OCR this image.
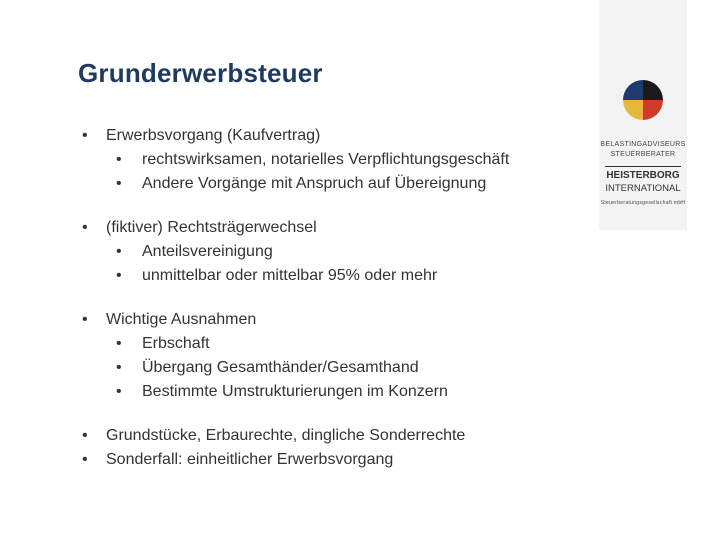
Grunderwerbsteuer
• Erwerbsvorgang (Kaufvertrag)
• rechtswirksamen, notarielles Verpflichtungsgeschäft
• Andere Vorgänge mit Anspruch auf Übereignung
• (fiktiver) Rechtsträgerwechsel
• Anteilsvereinigung
• unmittelbar oder mittelbar 95% oder mehr
• Wichtige Ausnahmen
• Erbschaft
• Übergang Gesamthänder/Gesamthand
• Bestimmte Umstrukturierungen im Konzern
• Grundstücke, Erbaurechte, dingliche Sonderrechte
• Sonderfall: einheitlicher Erwerbsvorgang
BELASTINGADVISEURS
STEUERBERATER
HEISTERBORG
INTERNATIONAL
Steuerberatungsgesellschaft mbH
